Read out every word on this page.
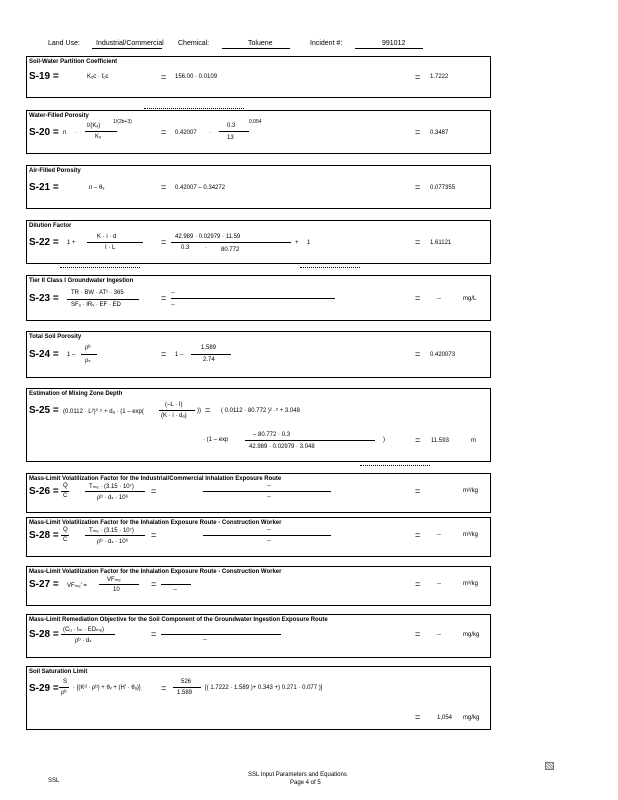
Land Use: Industrial/Commercial Chemical:	Toluene	Incident #:	991012
Soil-Water Partition Coefficient
S-19 =	Kₒc · fₒc	= 156.00 · 0.0109	= 1.7222
Water-Filled Porosity
S-20 = n ·
I/(Kₓ)
1/(2b+3)
Kₓ	= 0.42007 ·
0.3
13
0.054
= 0.3487
Air-Filled Porosity
S-21 =	n – θᵥ	= 0.42007 – 0.34272	= 0.077355
Dilution Factor
S-22 = 1 +
K · i · d
I · L
= 42.989 · 0.02979 · 11.59
0.3	· 80.772
+ 1	= 1.61121
Tier II Class I Groundwater Ingestion
S-23 = TR · BW · ATᶜ · 365
SFₒ · IRᵥ · EF · ED
= --
--
=	--	mg/L
Total Soil Porosity
S-24 = 1 –
ρᵇ
ρₛ
= 1 –
1.589
2.74
= 0.420073
Estimation of Mixing Zone Depth
S-25 = (0.0112 · L²)⁰·⁵ + dₐ · (1 – exp(
(–L · I)
(K · i · dₐ)
)) = ( 0.0112 · 80.772 )² ·⁵ + 3.048
· (1 – exp
– 80.772 · 0.3
42.989 · 0.02979 · 3.048
)	= 11.593	m
Mass-Limit Volatilization Factor for the Industrial/Commercial Inhalation Exposure Route
S-26 = Q
C
Tₘₑ · (3.15 · 10⁷)
ρᵇ · dₛ · 10⁶
=	--
--
=	m³/kg
Mass-Limit Volatilization Factor for the Inhalation Exposure Route - Construction Worker
S-28 = Q
C
Tₘₑ · (3.15 · 10⁷)
ρᵇ · dₛ · 10⁶
=	--
--
=	--	m³/kg
Mass-Limit Volatilization Factor for the Inhalation Exposure Route - Construction Worker
S-27 = VFₘₑ′ =
VFₘₑ
10
=
--
=	--	m³/kg
Mass-Limit Remediation Objective for the Soil Component of the Groundwater Ingestion Exposure Route
S-28 = (Cᵤ · Iₘ · EDₘₑ)
ρᵇ · dₛ
=
--
=	--	mg/kg
Soil Saturation Limit
S-29 =
S
ρᵇ
· [(Kᵈ · ρᵇ) + θᵥ + (H′ · θₐ)] =
526
1.589
[( 1.7222 · 1.589 )+ 0.343 +) 0.271 · 0.077 )]
=	1,054 mg/kg
SSL
SSL Input Parameters and Equations
Page 4 of 5
